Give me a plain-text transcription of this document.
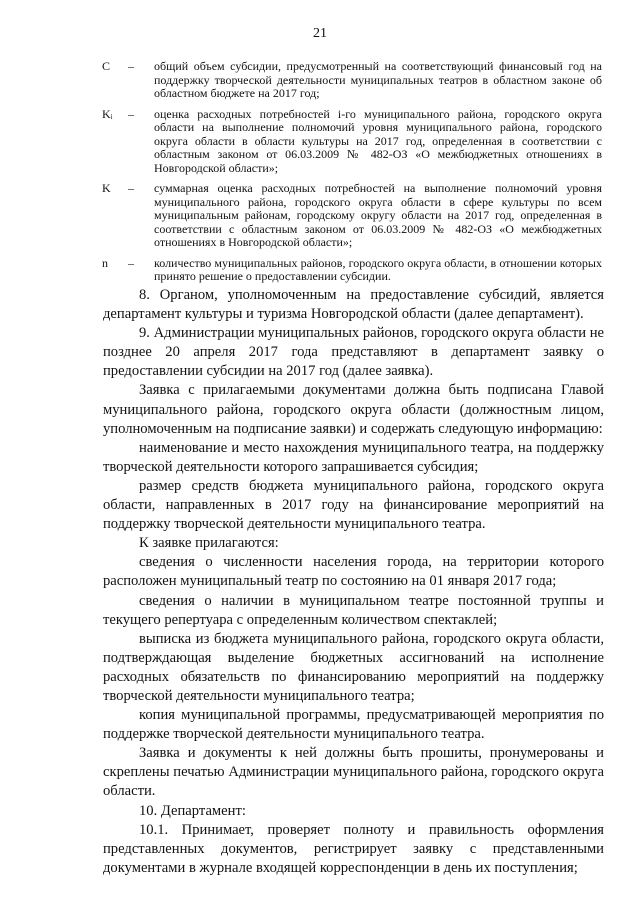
21
C	–	общий объем субсидии, предусмотренный на соответствующий финансовый год на поддержку творческой деятельности муниципальных театров в областном законе об областном бюджете на 2017 год;
Kᵢ	–	оценка расходных потребностей i-го муниципального района, городского округа области на выполнение полномочий уровня муниципального района, городского округа области в области культуры на 2017 год, определенная в соответствии с областным законом от 06.03.2009 № 482-ОЗ «О межбюджетных отношениях в Новгородской области»;
K	–	суммарная оценка расходных потребностей на выполнение полномочий уровня муниципального района, городского округа области в сфере культуры по всем муниципальным районам, городскому округу области на 2017 год, определенная в соответствии с областным законом от 06.03.2009 № 482-ОЗ «О межбюджетных отношениях в Новгородской области»;
n	–	количество муниципальных районов, городского округа области, в отношении которых принято решение о предоставлении субсидии.

8. Органом, уполномоченным на предоставление субсидий, является департамент культуры и туризма Новгородской области (далее департамент).

9. Администрации муниципальных районов, городского округа области не позднее 20 апреля 2017 года представляют в департамент заявку о предоставлении субсидии на 2017 год (далее заявка).

Заявка с прилагаемыми документами должна быть подписана Главой муниципального района, городского округа области (должностным лицом, уполномоченным на подписание заявки) и содержать следующую информацию:

наименование и место нахождения муниципального театра, на поддержку творческой деятельности которого запрашивается субсидия;

размер средств бюджета муниципального района, городского округа области, направленных в 2017 году на финансирование мероприятий на поддержку творческой деятельности муниципального театра.

К заявке прилагаются:

сведения о численности населения города, на территории которого расположен муниципальный театр по состоянию на 01 января 2017 года;

сведения о наличии в муниципальном театре постоянной труппы и текущего репертуара с определенным количеством спектаклей;

выписка из бюджета муниципального района, городского округа области, подтверждающая выделение бюджетных ассигнований на исполнение расходных обязательств по финансированию мероприятий на поддержку творческой деятельности муниципального театра;

копия муниципальной программы, предусматривающей мероприятия по поддержке творческой деятельности муниципального театра.

Заявка и документы к ней должны быть прошиты, пронумерованы и скреплены печатью Администрации муниципального района, городского округа области.

10. Департамент:

10.1. Принимает, проверяет полноту и правильность оформления представленных документов, регистрирует заявку с представленными документами в журнале входящей корреспонденции в день их поступления;
